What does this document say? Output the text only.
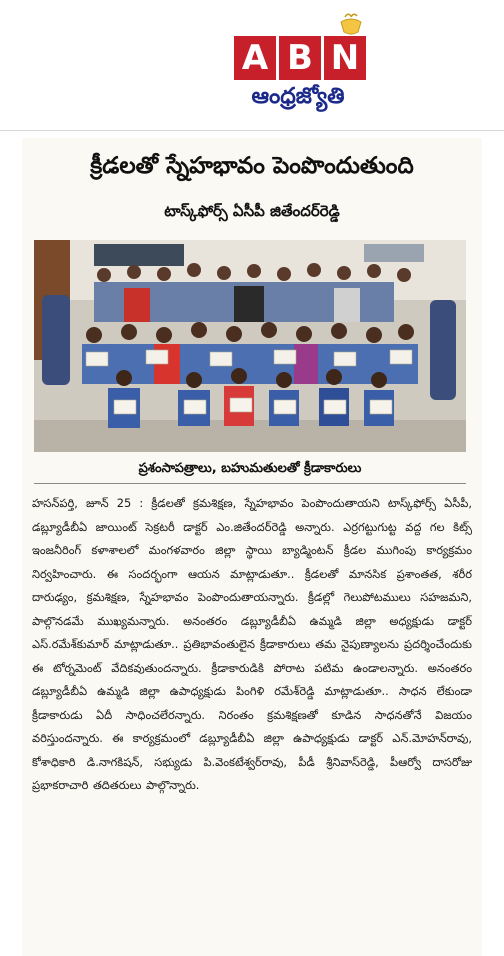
A B N
ఆంధ్రజ్యోతి
క్రీడలతో స్నేహభావం పెంపొందుతుంది
టాస్క్‌ఫోర్స్ ఏసీపీ జితేందర్‌రెడ్డి
ప్రశంసాపత్రాలు, బహుమతులతో క్రీడాకారులు
హసన్‌పర్తి, జూన్ 25 : క్రీడలతో క్రమశిక్షణ, స్నేహభావం పెంపొందుతాయని టాస్క్‌ఫోర్స్ ఏసీపీ, డబ్ల్యూడీబీఏ జాయింట్ సెక్రటరీ డాక్టర్ ఎం.జితేందర్‌రెడ్డి అన్నారు. ఎర్రగట్టుగుట్ట వద్ద గల కిట్స్ ఇంజనీరింగ్ కళాశాలలో మంగళవారం జిల్లా స్థాయి బ్యాడ్మింటన్ క్రీడల ముగింపు కార్యక్రమం నిర్వహించారు. ఈ సందర్భంగా ఆయన మాట్లాడుతూ.. క్రీడలతో మానసిక ప్రశాంతత, శరీర దారుఢ్యం, క్రమశిక్షణ, స్నేహభావం పెంపొందుతాయన్నారు. క్రీడల్లో గెలుపోటములు సహజమని, పాల్గొనడమే ముఖ్యమన్నారు. అనంతరం డబ్ల్యూడీబీఏ ఉమ్మడి జిల్లా అధ్యక్షుడు డాక్టర్ ఎస్.రమేశ్‌కుమార్ మాట్లాడుతూ.. ప్రతిభావంతులైన క్రీడాకారులు తమ నైపుణ్యాలను ప్రదర్శించేందుకు ఈ టోర్నమెంట్ వేదికవుతుందన్నారు. క్రీడాకారుడికి పోరాట పటిమ ఉండాలన్నారు. అనంతరం డబ్ల్యూడీబీఏ ఉమ్మడి జిల్లా ఉపాధ్యక్షుడు పింగిళి రమేశ్‌రెడ్డి మాట్లాడుతూ.. సాధన లేకుండా క్రీడాకారుడు ఏదీ సాధించలేరన్నారు. నిరంతం క్రమశిక్షణతో కూడిన సాధనతోనే విజయం వరిస్తుందన్నారు. ఈ కార్యక్రమంలో డబ్ల్యూడీబీఏ జిల్లా ఉపాధ్యక్షుడు డాక్టర్ ఎన్.మోహన్‌రావు, కోశాధికారి డి.నాగకిషన్, సభ్యుడు పి.వెంకటేశ్వర్‌రావు, పీడీ శ్రీనివాస్‌రెడ్డి, పీఆర్వో దాసరోజు ప్రభాకరాచారి తదితరులు పాల్గొన్నారు.
